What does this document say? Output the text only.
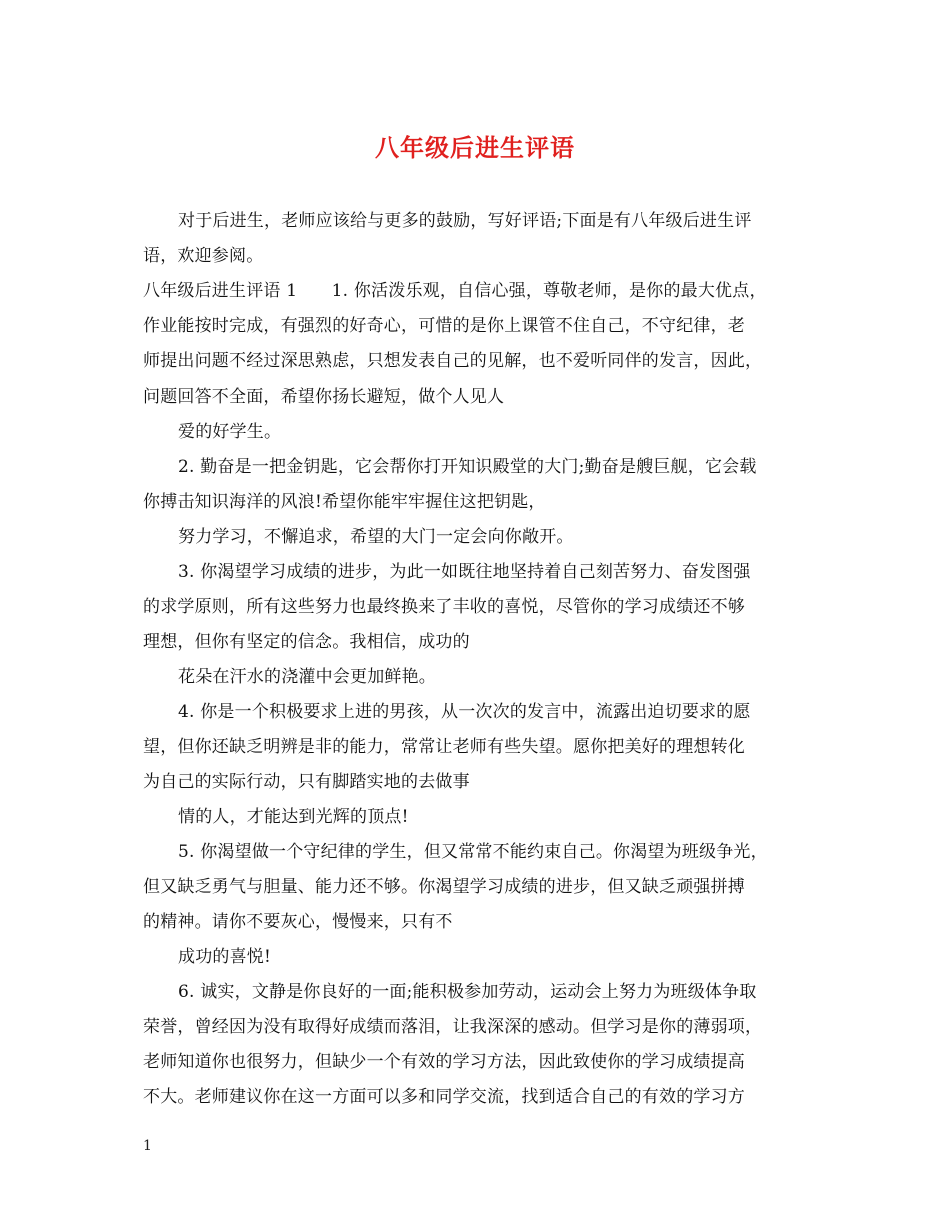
八年级后进生评语
对于后进生，老师应该给与更多的鼓励，写好评语;下面是有八年级后进生评
语，欢迎参阅。
八年级后进生评语 1　　1. 你活泼乐观，自信心强，尊敬老师，是你的最大优点，
作业能按时完成，有强烈的好奇心，可惜的是你上课管不住自己，不守纪律，老
师提出问题不经过深思熟虑，只想发表自己的见解，也不爱听同伴的发言，因此，
问题回答不全面，希望你扬长避短，做个人见人
爱的好学生。
2. 勤奋是一把金钥匙，它会帮你打开知识殿堂的大门;勤奋是艘巨舰，它会载
你搏击知识海洋的风浪!希望你能牢牢握住这把钥匙，
努力学习，不懈追求，希望的大门一定会向你敞开。
3. 你渴望学习成绩的进步，为此一如既往地坚持着自己刻苦努力、奋发图强
的求学原则，所有这些努力也最终换来了丰收的喜悦，尽管你的学习成绩还不够
理想，但你有坚定的信念。我相信，成功的
花朵在汗水的浇灌中会更加鲜艳。
4. 你是一个积极要求上进的男孩，从一次次的发言中，流露出迫切要求的愿
望，但你还缺乏明辨是非的能力，常常让老师有些失望。愿你把美好的理想转化
为自己的实际行动，只有脚踏实地的去做事
情的人，才能达到光辉的顶点!
5. 你渴望做一个守纪律的学生，但又常常不能约束自己。你渴望为班级争光，
但又缺乏勇气与胆量、能力还不够。你渴望学习成绩的进步，但又缺乏顽强拼搏
的精神。请你不要灰心，慢慢来，只有不
成功的喜悦!
6. 诚实，文静是你良好的一面;能积极参加劳动，运动会上努力为班级体争取
荣誉，曾经因为没有取得好成绩而落泪，让我深深的感动。但学习是你的薄弱项，
老师知道你也很努力，但缺少一个有效的学习方法，因此致使你的学习成绩提高
不大。老师建议你在这一方面可以多和同学交流，找到适合自己的有效的学习方
1
